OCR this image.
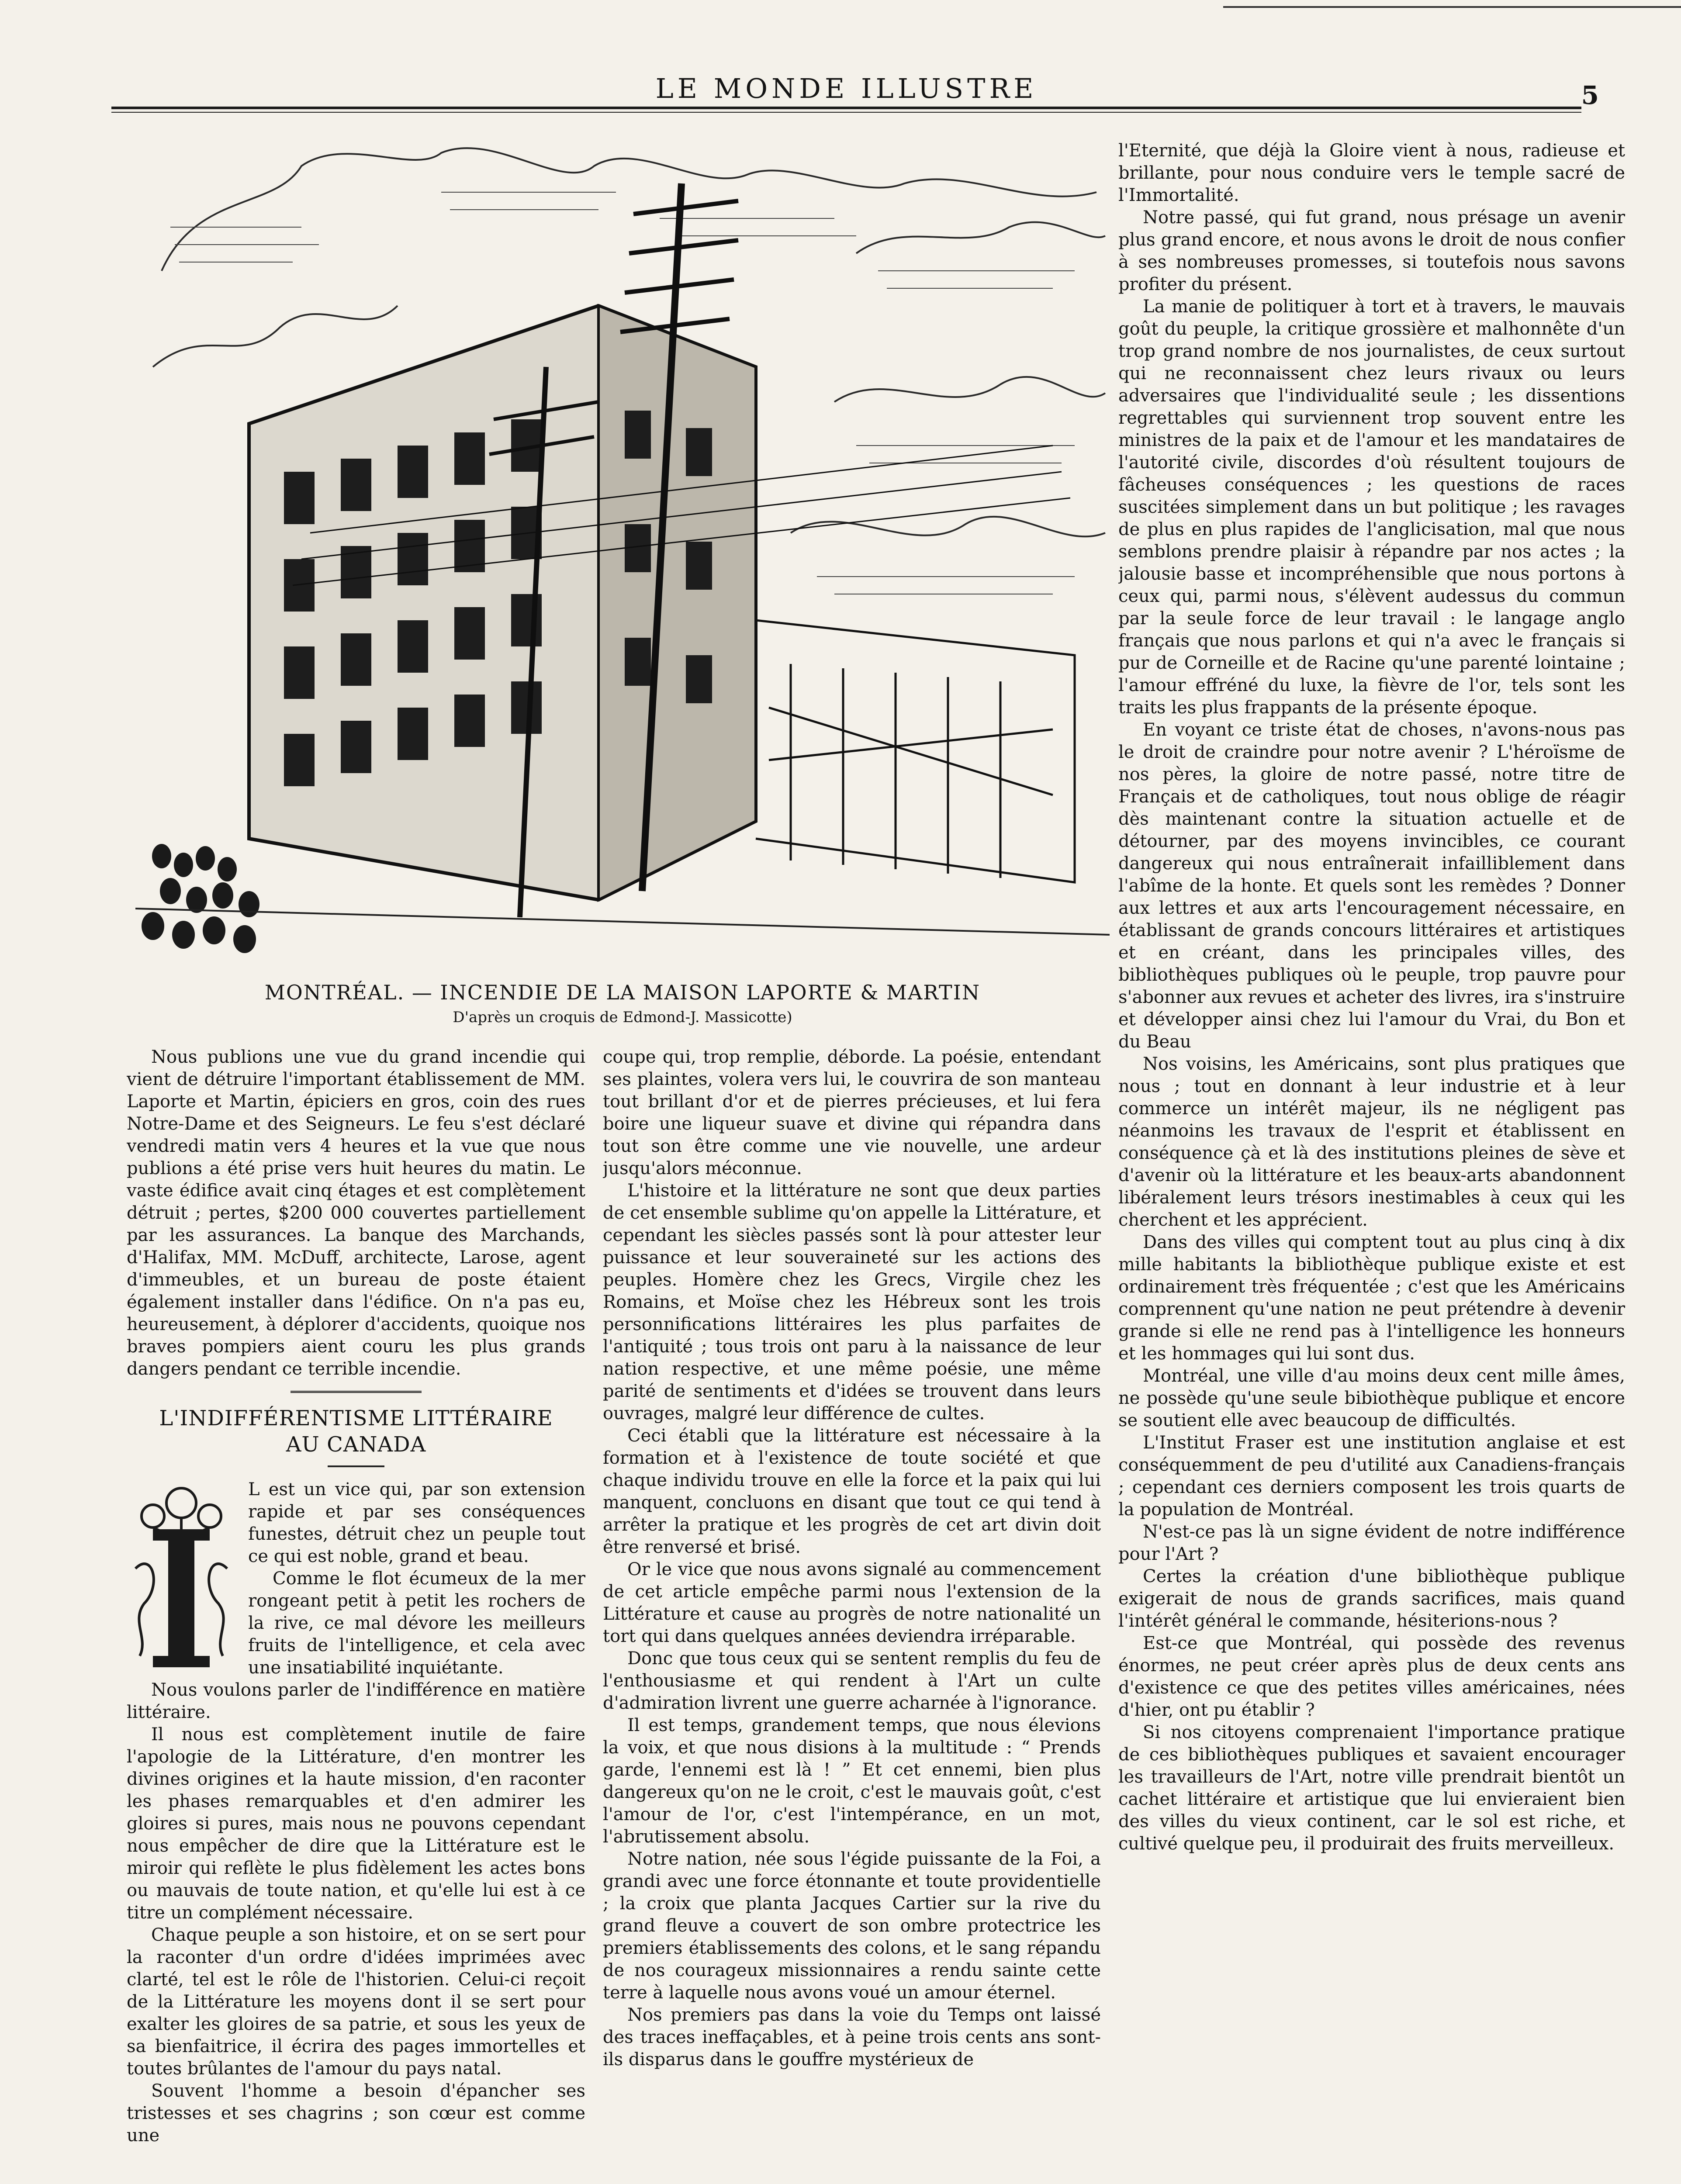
LE MONDE ILLUSTRE	5
MONTRÉAL. — INCENDIE DE LA MAISON LAPORTE & MARTIN
D'après un croquis de Edmond-J. Massicotte)

Nous publions une vue du grand incendie qui vient de détruire l'important établissement de MM. Laporte et Martin, épiciers en gros, coin des rues Notre-Dame et des Seigneurs. Le feu s'est déclaré vendredi matin vers 4 heures et la vue que nous publions a été prise vers huit heures du matin. Le vaste édifice avait cinq étages et est complètement détruit ; pertes, $200 000 couvertes partiellement par les assurances. La banque des Marchands, d'Halifax, MM. McDuff, architecte, Larose, agent d'immeubles, et un bureau de poste étaient également installer dans l'édifice. On n'a pas eu, heureusement, à déplorer d'accidents, quoique nos braves pompiers aient couru les plus grands dangers pendant ce terrible incendie.

L'INDIFFÉRENTISME LITTÉRAIRE
AU CANADA

L est un vice qui, par son extension rapide et par ses conséquences funestes, détruit chez un peuple tout ce qui est noble, grand et beau.

Comme le flot écumeux de la mer rongeant petit à petit les rochers de la rive, ce mal dévore les meilleurs fruits de l'intelligence, et cela avec une insatiabilité inquiétante.

Nous voulons parler de l'indifférence en matière littéraire.

Il nous est complètement inutile de faire l'apologie de la Littérature, d'en montrer les divines origines et la haute mission, d'en raconter les phases remarquables et d'en admirer les gloires si pures, mais nous ne pouvons cependant nous empêcher de dire que la Littérature est le miroir qui reflète le plus fidèlement les actes bons ou mauvais de toute nation, et qu'elle lui est à ce titre un complément nécessaire.

Chaque peuple a son histoire, et on se sert pour la raconter d'un ordre d'idées imprimées avec clarté, tel est le rôle de l'historien. Celui-ci reçoit de la Littérature les moyens dont il se sert pour exalter les gloires de sa patrie, et sous les yeux de sa bienfaitrice, il écrira des pages immortelles et toutes brûlantes de l'amour du pays natal.

Souvent l'homme a besoin d'épancher ses tristesses et ses chagrins ; son cœur est comme une

coupe qui, trop remplie, déborde. La poésie, entendant ses plaintes, volera vers lui, le couvrira de son manteau tout brillant d'or et de pierres précieuses, et lui fera boire une liqueur suave et divine qui répandra dans tout son être comme une vie nouvelle, une ardeur jusqu'alors méconnue.

L'histoire et la littérature ne sont que deux parties de cet ensemble sublime qu'on appelle la Littérature, et cependant les siècles passés sont là pour attester leur puissance et leur souveraineté sur les actions des peuples. Homère chez les Grecs, Virgile chez les Romains, et Moïse chez les Hébreux sont les trois personnifications littéraires les plus parfaites de l'antiquité ; tous trois ont paru à la naissance de leur nation respective, et une même poésie, une même parité de sentiments et d'idées se trouvent dans leurs ouvrages, malgré leur différence de cultes.

Ceci établi que la littérature est nécessaire à la formation et à l'existence de toute société et que chaque individu trouve en elle la force et la paix qui lui manquent, concluons en disant que tout ce qui tend à arrêter la pratique et les progrès de cet art divin doit être renversé et brisé.

Or le vice que nous avons signalé au commencement de cet article empêche parmi nous l'extension de la Littérature et cause au progrès de notre nationalité un tort qui dans quelques années deviendra irréparable.

Donc que tous ceux qui se sentent remplis du feu de l'enthousiasme et qui rendent à l'Art un culte d'admiration livrent une guerre acharnée à l'ignorance.

Il est temps, grandement temps, que nous élevions la voix, et que nous disions à la multitude : “ Prends garde, l'ennemi est là ! ” Et cet ennemi, bien plus dangereux qu'on ne le croit, c'est le mauvais goût, c'est l'amour de l'or, c'est l'intempérance, en un mot, l'abrutissement absolu.

Notre nation, née sous l'égide puissante de la Foi, a grandi avec une force étonnante et toute providentielle ; la croix que planta Jacques Cartier sur la rive du grand fleuve a couvert de son ombre protectrice les premiers établissements des colons, et le sang répandu de nos courageux missionnaires a rendu sainte cette terre à laquelle nous avons voué un amour éternel.

Nos premiers pas dans la voie du Temps ont laissé des traces ineffaçables, et à peine trois cents ans sont-ils disparus dans le gouffre mystérieux de

l'Eternité, que déjà la Gloire vient à nous, radieuse et brillante, pour nous conduire vers le temple sacré de l'Immortalité.

Notre passé, qui fut grand, nous présage un avenir plus grand encore, et nous avons le droit de nous confier à ses nombreuses promesses, si toutefois nous savons profiter du présent.

La manie de politiquer à tort et à travers, le mauvais goût du peuple, la critique grossière et malhonnête d'un trop grand nombre de nos journalistes, de ceux surtout qui ne reconnaissent chez leurs rivaux ou leurs adversaires que l'individualité seule ; les dissentions regrettables qui surviennent trop souvent entre les ministres de la paix et de l'amour et les mandataires de l'autorité civile, discordes d'où résultent toujours de fâcheuses conséquences ; les questions de races suscitées simplement dans un but politique ; les ravages de plus en plus rapides de l'anglicisation, mal que nous semblons prendre plaisir à répandre par nos actes ; la jalousie basse et incompréhensible que nous portons à ceux qui, parmi nous, s'élèvent audessus du commun par la seule force de leur travail : le langage anglo français que nous parlons et qui n'a avec le français si pur de Corneille et de Racine qu'une parenté lointaine ; l'amour effréné du luxe, la fièvre de l'or, tels sont les traits les plus frappants de la présente époque.

En voyant ce triste état de choses, n'avons-nous pas le droit de craindre pour notre avenir ? L'héroïsme de nos pères, la gloire de notre passé, notre titre de Français et de catholiques, tout nous oblige de réagir dès maintenant contre la situation actuelle et de détourner, par des moyens invincibles, ce courant dangereux qui nous entraînerait infailliblement dans l'abîme de la honte. Et quels sont les remèdes ? Donner aux lettres et aux arts l'encouragement nécessaire, en établissant de grands concours littéraires et artistiques et en créant, dans les principales villes, des bibliothèques publiques où le peuple, trop pauvre pour s'abonner aux revues et acheter des livres, ira s'instruire et développer ainsi chez lui l'amour du Vrai, du Bon et du Beau

Nos voisins, les Américains, sont plus pratiques que nous ; tout en donnant à leur industrie et à leur commerce un intérêt majeur, ils ne négligent pas néanmoins les travaux de l'esprit et établissent en conséquence çà et là des institutions pleines de sève et d'avenir où la littérature et les beaux-arts abandonnent libéralement leurs trésors inestimables à ceux qui les cherchent et les apprécient.

Dans des villes qui comptent tout au plus cinq à dix mille habitants la bibliothèque publique existe et est ordinairement très fréquentée ; c'est que les Américains comprennent qu'une nation ne peut prétendre à devenir grande si elle ne rend pas à l'intelligence les honneurs et les hommages qui lui sont dus.

Montréal, une ville d'au moins deux cent mille âmes, ne possède qu'une seule bibiothèque publique et encore se soutient elle avec beaucoup de difficultés.

L'Institut Fraser est une institution anglaise et est conséquemment de peu d'utilité aux Canadiens-français ; cependant ces derniers composent les trois quarts de la population de Montréal.

N'est-ce pas là un signe évident de notre indifférence pour l'Art ?

Certes la création d'une bibliothèque publique exigerait de nous de grands sacrifices, mais quand l'intérêt général le commande, hésiterions-nous ?

Est-ce que Montréal, qui possède des revenus énormes, ne peut créer après plus de deux cents ans d'existence ce que des petites villes américaines, nées d'hier, ont pu établir ?

Si nos citoyens comprenaient l'importance pratique de ces bibliothèques publiques et savaient encourager les travailleurs de l'Art, notre ville prendrait bientôt un cachet littéraire et artistique que lui envieraient bien des villes du vieux continent, car le sol est riche, et cultivé quelque peu, il produirait des fruits merveilleux.
